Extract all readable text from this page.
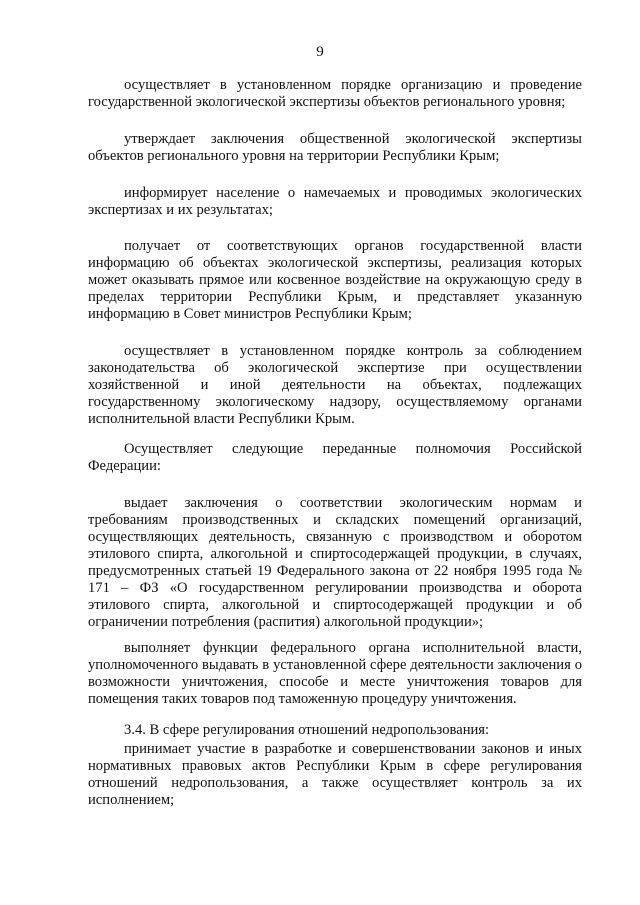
9
осуществляет в установленном порядке организацию и проведение государственной экологической экспертизы объектов регионального уровня;
утверждает заключения общественной экологической экспертизы объектов регионального уровня на территории Республики Крым;
информирует население о намечаемых и проводимых экологических экспертизах и их результатах;
получает от соответствующих органов государственной власти информацию об объектах экологической экспертизы, реализация которых может оказывать прямое или косвенное воздействие на окружающую среду в пределах территории Республики Крым, и представляет указанную информацию в Совет министров Республики Крым;
осуществляет в установленном порядке контроль за соблюдением законодательства об экологической экспертизе при осуществлении хозяйственной и иной деятельности на объектах, подлежащих государственному экологическому надзору, осуществляемому органами исполнительной власти Республики Крым.
Осуществляет следующие переданные полномочия Российской Федерации:
выдает заключения о соответствии экологическим нормам и требованиям производственных и складских помещений организаций, осуществляющих деятельность, связанную с производством и оборотом этилового спирта, алкогольной и спиртосодержащей продукции, в случаях, предусмотренных статьей 19 Федерального закона от 22 ноября 1995 года № 171 – ФЗ «О государственном регулировании производства и оборота этилового спирта, алкогольной и спиртосодержащей продукции и об ограничении потребления (распития) алкогольной продукции»;
выполняет функции федерального органа исполнительной власти, уполномоченного выдавать в установленной сфере деятельности заключения о возможности уничтожения, способе и месте уничтожения товаров для помещения таких товаров под таможенную процедуру уничтожения.
3.4. В сфере регулирования отношений недропользования:
принимает участие в разработке и совершенствовании законов и иных нормативных правовых актов Республики Крым в сфере регулирования отношений недропользования, а также осуществляет контроль за их исполнением;
